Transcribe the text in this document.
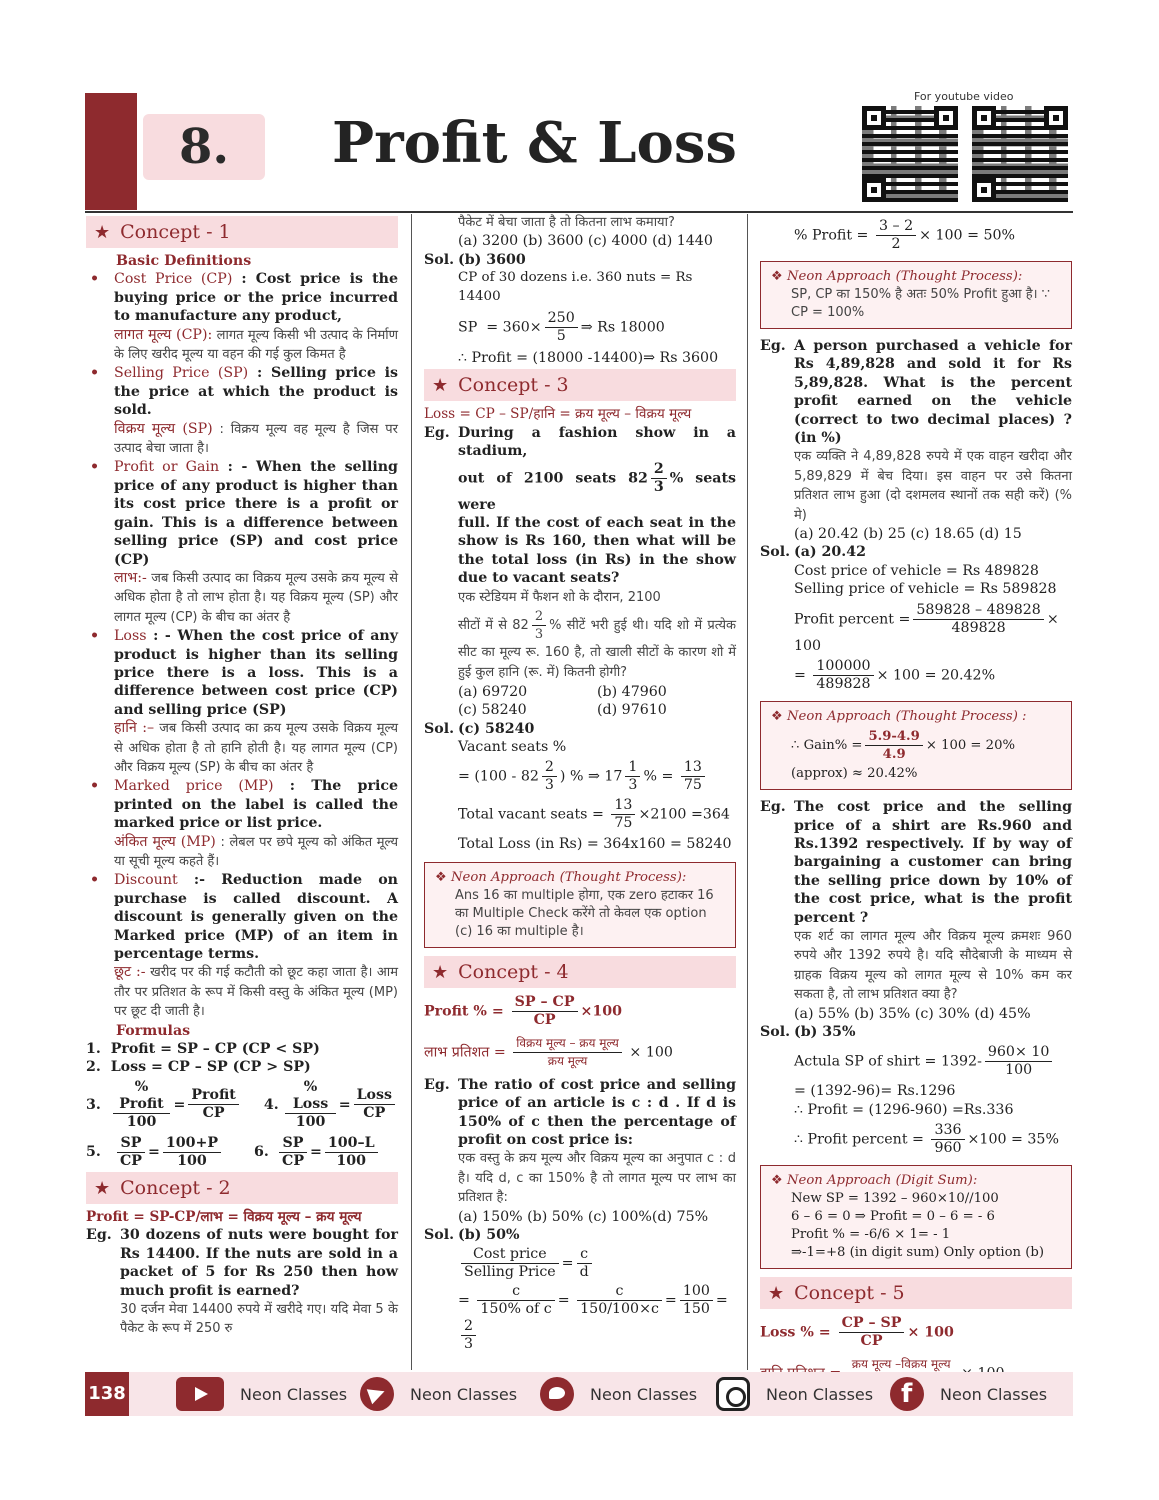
8.	Profit & Loss
For youtube video
★ Concept - 1
Basic Definitions
• Cost Price (CP) : Cost price is the buying price or the price incurred to manufacture any product,
लागत मूल्य (CP): लागत मूल्य किसी भी उत्पाद के निर्माण के लिए खरीद मूल्य या वहन की गई कुल किमत है
• Selling Price (SP) : Selling price is the price at which the product is sold.
विक्रय मूल्य (SP) : विक्रय मूल्य वह मूल्य है जिस पर उत्पाद बेचा जाता है।
• Profit or Gain : - When the selling price of any product is higher than its cost price there is a profit or gain. This is a difference between selling price (SP) and cost price (CP)
लाभ:- जब किसी उत्पाद का विक्रय मूल्य उसके क्रय मूल्य से अधिक होता है तो लाभ होता है। यह विक्रय मूल्य (SP) और लागत मूल्य (CP) के बीच का अंतर है
• Loss : - When the cost price of any product is higher than its selling price there is a loss. This is a difference between cost price (CP) and selling price (SP)
हानि :– जब किसी उत्पाद का क्रय मूल्य उसके विक्रय मूल्य से अधिक होता है तो हानि होती है। यह लागत मूल्य (CP) और विक्रय मूल्य (SP) के बीच का अंतर है
• Marked price (MP) : The price printed on the label is called the marked price or list price.
अंकित मूल्य (MP) : लेबल पर छपे मूल्य को अंकित मूल्य या सूची मूल्य कहते हैं।
• Discount :- Reduction made on purchase is called discount. A discount is generally given on the Marked price (MP) of an item in percentage terms.
छूट :- खरीद पर की गई कटौती को छूट कहा जाता है। आम तौर पर प्रतिशत के रूप में किसी वस्तु के अंकित मूल्य (MP) पर छूट दी जाती है।
Formulas
1.  Profit = SP – CP (CP < SP)
2.  Loss = CP – SP (CP > SP)
3. $\frac{\text{\% Profit}}{100} = \frac{\text{Profit}}{CP} 4$. $\frac{\text{\% Loss}}{100} = \frac{\text{Loss}}{CP}$
5.	$\frac{SP}{CP} = \frac{100+P}{100} 6$. $\frac{SP}{CP} = \frac{100-L}{100}$
★ Concept - 2
Profit = SP-CP/लाभ = विक्रय मूल्य – क्रय मूल्य
Eg. 30 dozens of nuts were bought for Rs 14400. If the nuts are sold in a packet of 5 for Rs 250 then how much profit is earned?
30 दर्जन मेवा 14400 रुपये में खरीदे गए। यदि मेवा 5 के पैकेट के रूप में 250 रु
पैकेट में बेचा जाता है तो कितना लाभ कमाया?
(a) 3200 (b) 3600 (c) 4000 (d) 1440
Sol. (b) 3600
CP of 30 dozens i.e. 360 nuts = Rs 14400
SP  = $360\times \frac{250}{5}$ ⇒ Rs 18000
∴ Profit = (18000 -14400)⇒ Rs 3600
★ Concept - 3
Loss = CP – SP/हानि = क्रय मूल्य – विक्रय मूल्य
Eg. During a fashion show in a stadium,
out of 2100 seats $82 \frac{2}{3}$ % seats were
full. If the cost of each seat in the show is Rs 160, then what will be the total loss (in Rs) in the show due to vacant seats?
एक स्टेडियम में फैशन शो के दौरान, 2100
सीटों में से $82 \frac{2}{3}$ % सीटें भरी हुई थी। यदि शो में प्रत्येक सीट का मूल्य रू. 160 है, तो खाली सीटों के कारण शो में हुई कुल हानि (रू. में) कितनी होगी?
(a) 69720	(b) 47960
(c) 58240	(d) 97610
Sol. (c) 58240
Vacant seats %
= ($100 - 82 \frac{2}{3}$ ) % ⇒ $17 \frac{1}{3}$ % = $\frac{13}{75}$
Total vacant seats = $\frac{13}{75} \times 2100 =364$
Total Loss (in Rs) = 364x160 = 58240
❖ Neon Approach (Thought Process):
Ans 16 का multiple होगा, एक zero हटाकर 16 का Multiple Check करेंगे तो केवल एक option (c) 16 का multiple है।
★ Concept - 4
Profit % = $\frac{SP - CP}{CP} \times 100$
लाभ प्रतिशत = $\frac{\text{विक्रय मूल्य – क्रय मूल्य}}{\text{क्रय मूल्य}} \times 100$
Eg. The ratio of cost price and selling price of an article is c : d . If d is 150% of c then the percentage of profit on cost price is:
एक वस्तु के क्रय मूल्य और विक्रय मूल्य का अनुपात c : d है। यदि d, c का 150% है तो लागत मूल्य पर लाभ का प्रतिशत है:
(a) 150% (b) 50% (c) 100%(d) 75%
Sol. (b) 50%
$\frac{\text{Cost price}}{\text{Selling Price}} = \frac{c}{d}$
= $\frac{c}{\text{150\% of c}} = \frac{c}{150/100\times c} = \frac{100}{150}$ =
$\frac{2}{3}$
% Profit = $\frac{3 - 2}{2} \times 100 = 50\%$
❖ Neon Approach (Thought Process):
SP, CP का 150% है अतः 50% Profit हुआ है। ∵ CP = 100%
Eg. A person purchased a vehicle for Rs 4,89,828 and sold it for Rs 5,89,828. What is the percent profit earned on the vehicle (correct to two decimal places) ? (in %)
एक व्यक्ति ने 4,89,828 रुपये में एक वाहन खरीदा और 5,89,829 में बेच दिया। इस वाहन पर उसे कितना प्रतिशत लाभ हुआ (दो दशमलव स्थानों तक सही करें) (% मे)
(a) 20.42 (b) 25 (c) 18.65 (d) 15
Sol. (a) 20.42
Cost price of vehicle = Rs 489828
Selling price of vehicle = Rs 589828
Profit percent = $\frac{589828 - 489828}{489828} \times 100$
= $\frac{100000}{489828} \times 100 = 20.42\%$
❖ Neon Approach (Thought Process) :
∴ Gain% = $\frac{5.9-4.9}{4.9} \times 100 = 20\%$
(approx) ≈ 20.42%
Eg. The cost price and the selling price of a shirt are Rs.960 and Rs.1392 respectively. If by way of bargaining a customer can bring the selling price down by 10% of the cost price, what is the profit percent ?
एक शर्ट का लागत मूल्य और विक्रय मूल्य क्रमशः 960 रुपये और 1392 रुपये है। यदि सौदेबाजी के माध्यम से ग्राहक विक्रय मूल्य को लागत मूल्य से 10% कम कर सकता है, तो लाभ प्रतिशत क्या है?
(a) 55% (b) 35% (c) 30% (d) 45%
Sol. (b) 35%
Actula SP of shirt = $1392- \frac{960\times 10}{100}$
= (1392-96)= Rs.1296
∴ Profit = (1296-960) =Rs.336
∴ Profit percent = $\frac{336}{960} \times 100 = 35\%$
❖ Neon Approach (Digit Sum):
New SP = 1392 – 960×10//100
6 – 6 = 0 ⇒ Profit = 0 – 6 = - 6
Profit % = -6/6 × 1= - 1
⇒-1=+8 (in digit sum) Only option (b)
★ Concept - 5
Loss % = $\frac{CP - SP}{CP} \times 100$
क्रय मूल्य –विक्रय मूल्य
138	Neon Classes	Neon Classes	Neon Classes	Neon Classes
f	Neon Classes
